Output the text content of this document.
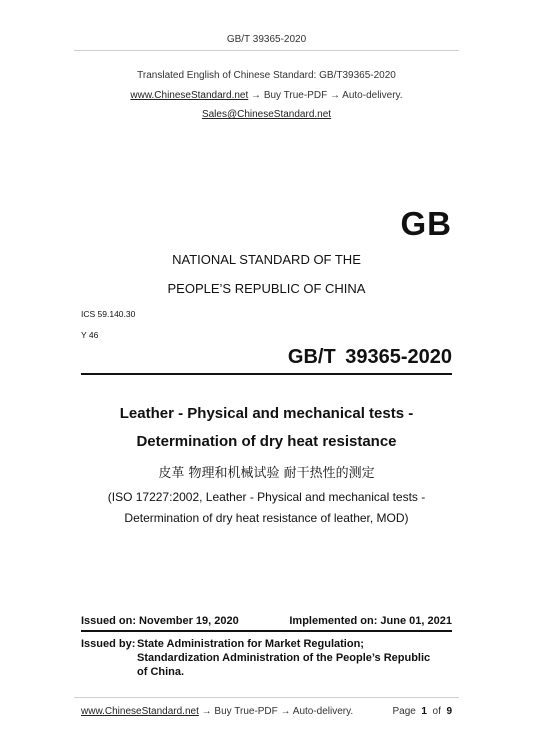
GB/T 39365-2020
Translated English of Chinese Standard: GB/T39365-2020
www.ChineseStandard.net → Buy True-PDF → Auto-delivery.
Sales@ChineseStandard.net
GB
NATIONAL STANDARD OF THE
PEOPLE’S REPUBLIC OF CHINA
ICS 59.140.30
Y 46
GB/T 39365-2020
Leather - Physical and mechanical tests -
Determination of dry heat resistance
皮革 物理和机械试验 耐干热性的测定
(ISO 17227:2002, Leather - Physical and mechanical tests -
Determination of dry heat resistance of leather, MOD)
Issued on: November 19, 2020	Implemented on: June 01, 2021
Issued by: State Administration for Market Regulation;
Standardization Administration of the People’s Republic of China.
www.ChineseStandard.net → Buy True-PDF → Auto-delivery.	Page 1 of 9
